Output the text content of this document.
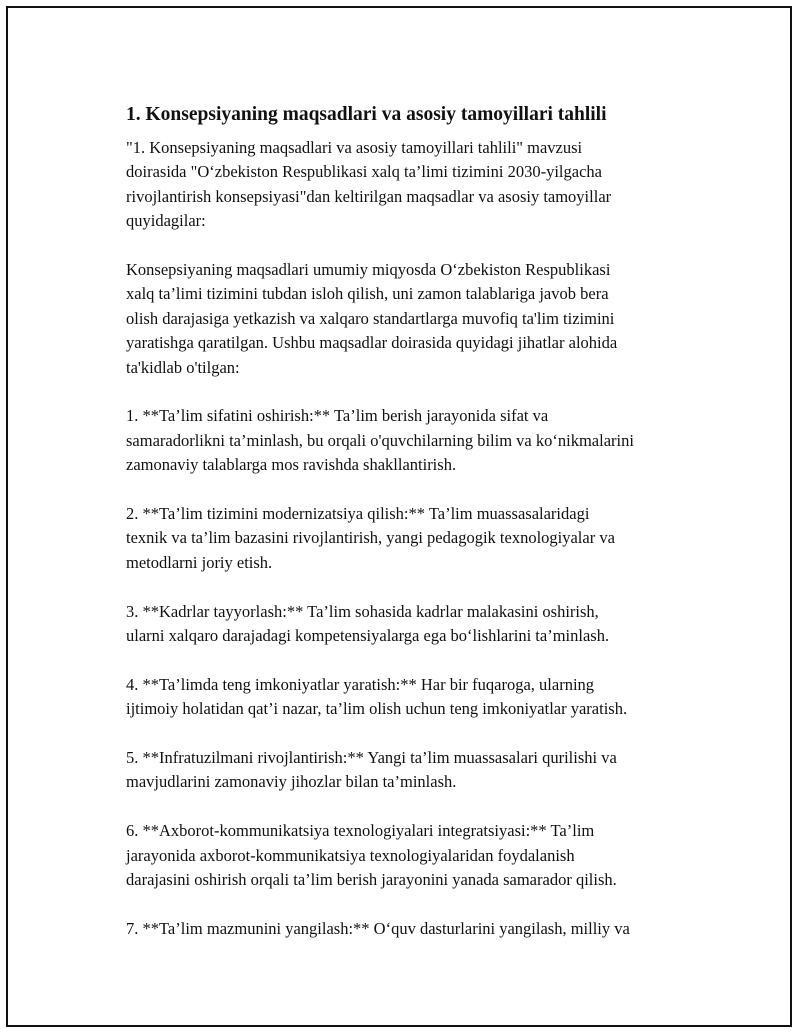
1. Konsepsiyaning maqsadlari va asosiy tamoyillari tahlili

"1. Konsepsiyaning maqsadlari va asosiy tamoyillari tahlili" mavzusi
doirasida "O‘zbekiston Respublikasi xalq ta’limi tizimini 2030-yilgacha
rivojlantirish konsepsiyasi"dan keltirilgan maqsadlar va asosiy tamoyillar
quyidagilar:

Konsepsiyaning maqsadlari umumiy miqyosda O‘zbekiston Respublikasi
xalq ta’limi tizimini tubdan isloh qilish, uni zamon talablariga javob bera
olish darajasiga yetkazish va xalqaro standartlarga muvofiq ta'lim tizimini
yaratishga qaratilgan. Ushbu maqsadlar doirasida quyidagi jihatlar alohida
ta'kidlab o'tilgan:

1. **Ta’lim sifatini oshirish:** Ta’lim berish jarayonida sifat va
samaradorlikni ta’minlash, bu orqali o'quvchilarning bilim va ko‘nikmalarini
zamonaviy talablarga mos ravishda shakllantirish.

2. **Ta’lim tizimini modernizatsiya qilish:** Ta’lim muassasalaridagi
texnik va ta’lim bazasini rivojlantirish, yangi pedagogik texnologiyalar va
metodlarni joriy etish.

3. **Kadrlar tayyorlash:** Ta’lim sohasida kadrlar malakasini oshirish,
ularni xalqaro darajadagi kompetensiyalarga ega bo‘lishlarini ta’minlash.

4. **Ta’limda teng imkoniyatlar yaratish:** Har bir fuqaroga, ularning
ijtimoiy holatidan qat’i nazar, ta’lim olish uchun teng imkoniyatlar yaratish.

5. **Infratuzilmani rivojlantirish:** Yangi ta’lim muassasalari qurilishi va
mavjudlarini zamonaviy jihozlar bilan ta’minlash.

6. **Axborot-kommunikatsiya texnologiyalari integratsiyasi:** Ta’lim
jarayonida axborot-kommunikatsiya texnologiyalaridan foydalanish
darajasini oshirish orqali ta’lim berish jarayonini yanada samarador qilish.

7. **Ta’lim mazmunini yangilash:** O‘quv dasturlarini yangilash, milliy va
